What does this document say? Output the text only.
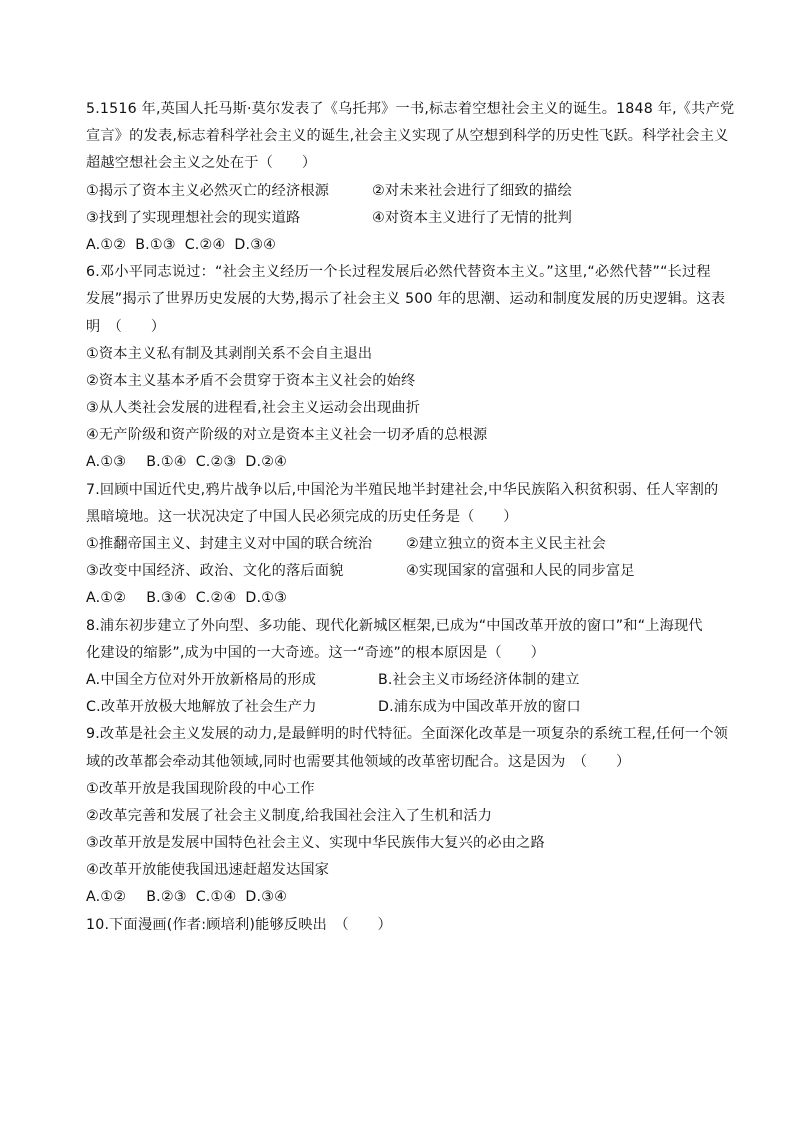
5.1516 年,英国人托马斯·莫尔发表了《乌托邦》一书,标志着空想社会主义的诞生。1848 年,《共产党
宣言》的发表,标志着科学社会主义的诞生,社会主义实现了从空想到科学的历史性飞跃。科学社会主义
超越空想社会主义之处在于（　　）
①揭示了资本主义必然灭亡的经济根源	②对未来社会进行了细致的描绘
③找到了实现理想社会的现实道路	④对资本主义进行了无情的批判
A.①② B.①③ C.②④ D.③④
6.邓小平同志说过：“社会主义经历一个长过程发展后必然代替资本主义。”这里,“必然代替”“长过程
发展”揭示了世界历史发展的大势,揭示了社会主义 500 年的思潮、运动和制度发展的历史逻辑。这表
明　（　　）
①资本主义私有制及其剥削关系不会自主退出
②资本主义基本矛盾不会贯穿于资本主义社会的始终
③从人类社会发展的进程看,社会主义运动会出现曲折
④无产阶级和资产阶级的对立是资本主义社会一切矛盾的总根源
A.①③ B.①④ C.②③ D.②④
7.回顾中国近代史,鸦片战争以后,中国沦为半殖民地半封建社会,中华民族陷入积贫积弱、任人宰割的
黑暗境地。这一状况决定了中国人民必须完成的历史任务是（　　）
①推翻帝国主义、封建主义对中国的联合统治 ②建立独立的资本主义民主社会
③改变中国经济、政治、文化的落后面貌	④实现国家的富强和人民的同步富足
A.①② B.③④ C.②④ D.①③
8.浦东初步建立了外向型、多功能、现代化新城区框架,已成为“中国改革开放的窗口”和“上海现代
化建设的缩影”,成为中国的一大奇迹。这一“奇迹”的根本原因是（　　）
A.中国全方位对外开放新格局的形成	B.社会主义市场经济体制的建立
C.改革开放极大地解放了社会生产力	D.浦东成为中国改革开放的窗口
9.改革是社会主义发展的动力,是最鲜明的时代特征。全面深化改革是一项复杂的系统工程,任何一个领
域的改革都会牵动其他领域,同时也需要其他领域的改革密切配合。这是因为　（　　）
①改革开放是我国现阶段的中心工作
②改革完善和发展了社会主义制度,给我国社会注入了生机和活力
③改革开放是发展中国特色社会主义、实现中华民族伟大复兴的必由之路
④改革开放能使我国迅速赶超发达国家
A.①② B.②③ C.①④ D.③④
10.下面漫画(作者:顾培利)能够反映出　（　　）
